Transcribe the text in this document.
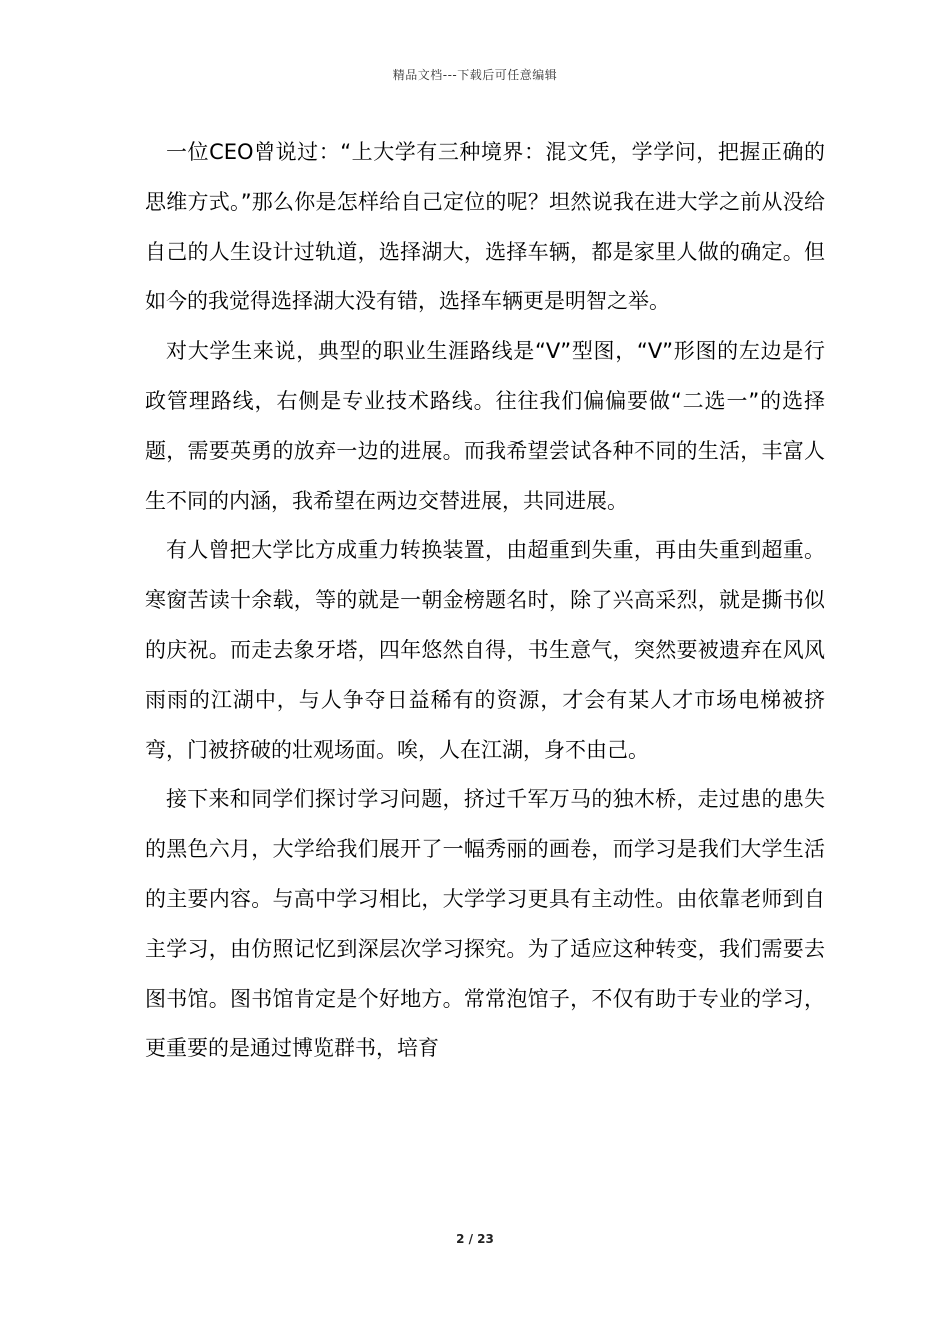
精品文档---下载后可任意编辑

一位CEO曾说过：“上大学有三种境界：混文凭，学学问，把握正确的思维方式。”那么你是怎样给自己定位的呢？坦然说我在进大学之前从没给自己的人生设计过轨道，选择湖大，选择车辆，都是家里人做的确定。但如今的我觉得选择湖大没有错，选择车辆更是明智之举。

对大学生来说，典型的职业生涯路线是“V”型图，“V”形图的左边是行政管理路线，右侧是专业技术路线。往往我们偏偏要做“二选一”的选择题，需要英勇的放弃一边的进展。而我希望尝试各种不同的生活，丰富人生不同的内涵，我希望在两边交替进展，共同进展。

有人曾把大学比方成重力转换装置，由超重到失重，再由失重到超重。寒窗苦读十余载，等的就是一朝金榜题名时，除了兴高采烈，就是撕书似的庆祝。而走去象牙塔，四年悠然自得，书生意气，突然要被遗弃在风风雨雨的江湖中，与人争夺日益稀有的资源，才会有某人才市场电梯被挤弯，门被挤破的壮观场面。唉，人在江湖，身不由己。

接下来和同学们探讨学习问题，挤过千军万马的独木桥，走过患的患失的黑色六月，大学给我们展开了一幅秀丽的画卷，而学习是我们大学生活的主要内容。与高中学习相比，大学学习更具有主动性。由依靠老师到自主学习，由仿照记忆到深层次学习探究。为了适应这种转变，我们需要去图书馆。图书馆肯定是个好地方。常常泡馆子，不仅有助于专业的学习，更重要的是通过博览群书，培育

2 / 23
